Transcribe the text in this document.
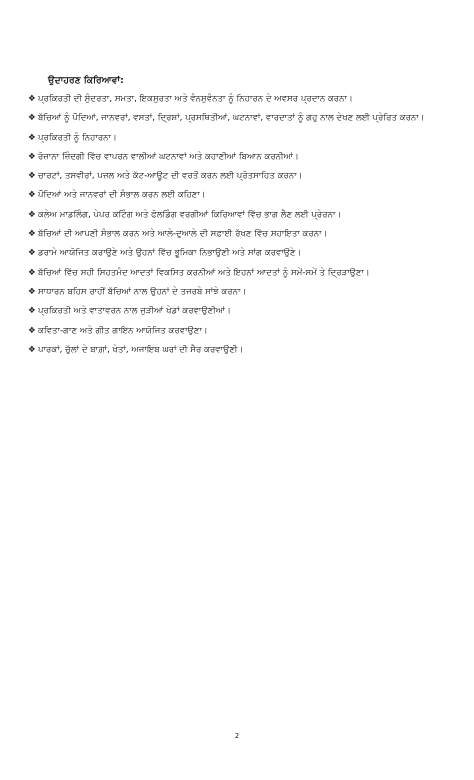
ਉਦਾਹਰਣ ਕਿਰਿਆਵਾਂ:
❖ ਪ੍ਰਕਿਰਤੀ ਦੀ ਸੁੰਦਰਤਾ, ਸਮਤਾ, ਇਕਸੁਰਤਾ ਅਤੇ ਵੰਨਸੁਵੰਨਤਾ ਨੂੰ ਨਿਹਾਰਨ ਦੇ ਅਵਸਰ ਪ੍ਰਦਾਨ ਕਰਨਾ।
❖ ਬੱਚਿਆਂ ਨੂੰ ਪੌਦਿਆਂ, ਜਾਨਵਰਾਂ, ਵਸਤਾਂ, ਦ੍ਰਿਸ਼ਾਂ, ਪ੍ਰਸਥਿਤੀਆਂ, ਘਟਨਾਵਾਂ, ਵਾਰਦਾਤਾਂ ਨੂੰ ਗਹੁ ਨਾਲ ਦੇਖਣ ਲਈ ਪ੍ਰੇਰਿਤ ਕਰਨਾ।
❖ ਪ੍ਰਕਿਰਤੀ ਨੂੰ ਨਿਹਾਰਨਾ।
❖ ਰੋਜ਼ਾਨਾ ਜ਼ਿੰਦਗੀ ਵਿੱਚ ਵਾਪਰਨ ਵਾਲੀਆਂ ਘਟਨਾਵਾਂ ਅਤੇ ਕਹਾਣੀਆਂ ਬਿਆਨ ਕਰਨੀਆਂ।
❖ ਚਾਰਟਾਂ, ਤਸਵੀਰਾਂ, ਪਜ਼ਲ ਅਤੇ ਕੱਟ-ਆਊਟ ਦੀ ਵਰਤੋਂ ਕਰਨ ਲਈ ਪ੍ਰੋਤਸਾਹਿਤ ਕਰਨਾ।
❖ ਪੌਦਿਆਂ ਅਤੇ ਜਾਨਵਰਾਂ ਦੀ ਸੰਭਾਲ ਕਰਨ ਲਈ ਕਹਿਣਾ।
❖ ਕਲੇਅ ਮਾਡਲਿੰਗ, ਪੇਪਰ ਕਟਿੰਗ ਅਤੇ ਫੋਲਡਿੰਗ ਵਰਗੀਆਂ ਕਿਰਿਆਵਾਂ ਵਿੱਚ ਭਾਗ ਲੈਣ ਲਈ ਪ੍ਰੇਰਨਾ।
❖ ਬੱਚਿਆਂ ਦੀ ਆਪਣੀ ਸੰਭਾਲ ਕਰਨ ਅਤੇ ਆਲੇ-ਦੁਆਲੇ ਦੀ ਸਫ਼ਾਈ ਰੱਖਣ ਵਿੱਚ ਸਹਾਇਤਾ ਕਰਨਾ।
❖ ਡਰਾਮੇ ਆਯੋਜਿਤ ਕਰਾਉਣੇ ਅਤੇ ਉਹਨਾਂ ਵਿੱਚ ਭੂਮਿਕਾ ਨਿਭਾਉਣੀ ਅਤੇ ਸਾਂਗ ਕਰਵਾਉਣੇ।
❖ ਬੱਚਿਆਂ ਵਿੱਚ ਸਹੀ ਸਿਹਤਮੰਦ ਆਦਤਾਂ ਵਿਕਸਿਤ ਕਰਨੀਆਂ ਅਤੇ ਇਹਨਾਂ ਆਦਤਾਂ ਨੂੰ ਸਮੇਂ-ਸਮੇਂ ਤੇ ਦ੍ਰਿੜਾਉਣਾ।
❖ ਸਾਧਾਰਨ ਬਹਿਸ ਰਾਹੀਂ ਬੱਚਿਆਂ ਨਾਲ ਉਹਨਾਂ ਦੇ ਤਜਰਬੇ ਸਾਂਝੇ ਕਰਨਾ।
❖ ਪ੍ਰਕਿਰਤੀ ਅਤੇ ਵਾਤਾਵਰਨ ਨਾਲ ਜੁੜੀਆਂ ਖੇਡਾਂ ਕਰਵਾਉਣੀਆਂ।
❖ ਕਵਿਤਾ-ਗਾਣ ਅਤੇ ਗੀਤ ਗਾਇਨ ਆਯੋਜਿਤ ਕਰਵਾਉਣਾ।
❖ ਪਾਰਕਾਂ, ਚੁੱਲਾਂ ਦੇ ਬਾਗ਼ਾਂ, ਖੇਤਾਂ, ਅਜਾਇਬ ਘਰਾਂ ਦੀ ਸੈਰ ਕਰਵਾਉਣੀ।
2
